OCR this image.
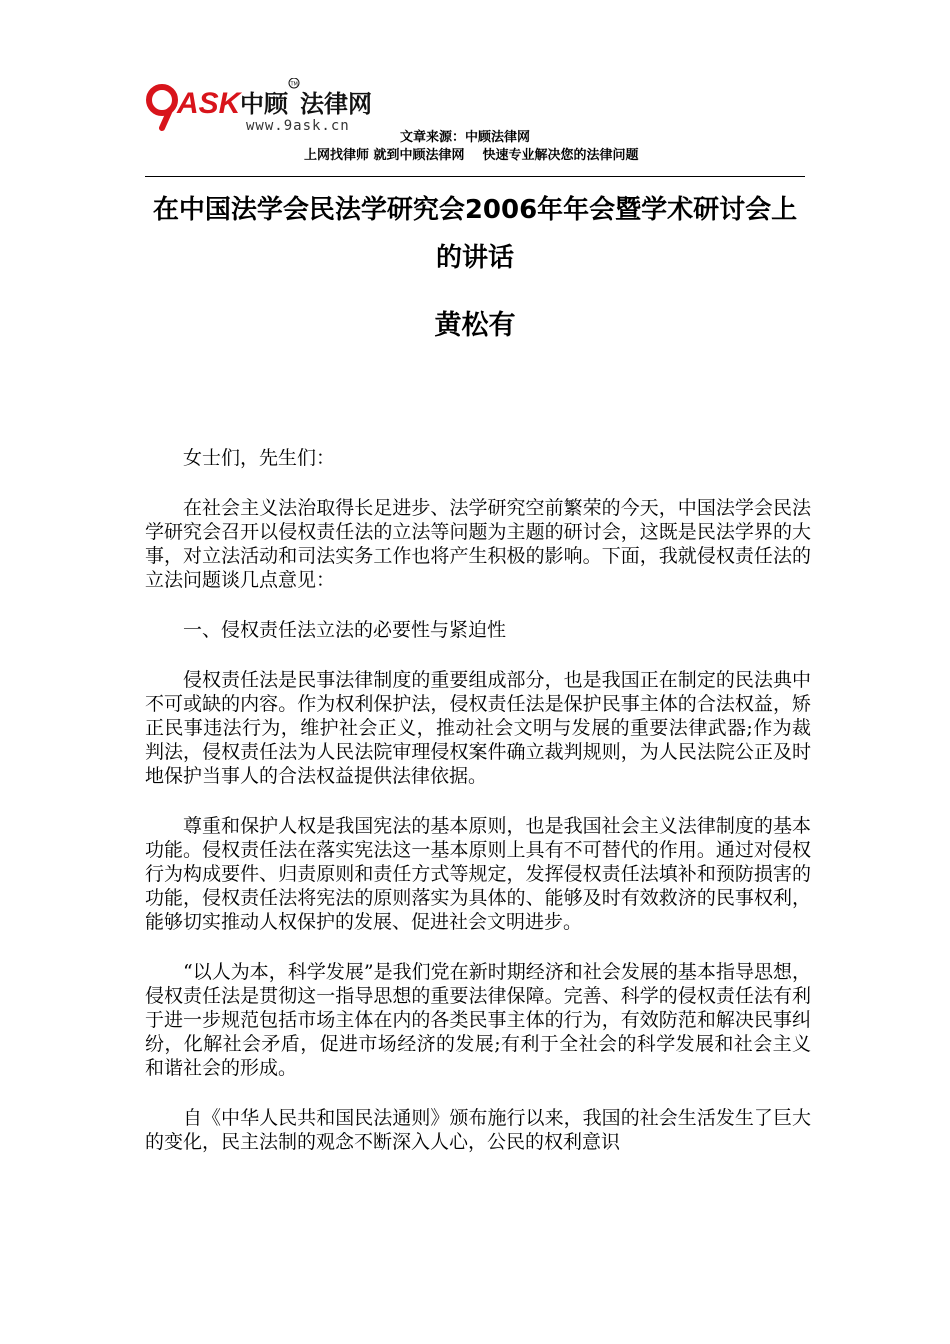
ASK 中顾 法律网
TM
www.9ask.cn
文章来源：中顾法律网
上网找律师 就到中顾法律网 快速专业解决您的法律问题
在中国法学会民法学研究会2006年年会暨学术研讨会上的讲话
黄松有

女士们，先生们：

在社会主义法治取得长足进步、法学研究空前繁荣的今天，中国法学会民法学研究会召开以侵权责任法的立法等问题为主题的研讨会，这既是民法学界的大事，对立法活动和司法实务工作也将产生积极的影响。下面，我就侵权责任法的立法问题谈几点意见：

一、侵权责任法立法的必要性与紧迫性

侵权责任法是民事法律制度的重要组成部分，也是我国正在制定的民法典中不可或缺的内容。作为权利保护法，侵权责任法是保护民事主体的合法权益，矫正民事违法行为，维护社会正义，推动社会文明与发展的重要法律武器;作为裁判法，侵权责任法为人民法院审理侵权案件确立裁判规则，为人民法院公正及时地保护当事人的合法权益提供法律依据。

尊重和保护人权是我国宪法的基本原则，也是我国社会主义法律制度的基本功能。侵权责任法在落实宪法这一基本原则上具有不可替代的作用。通过对侵权行为构成要件、归责原则和责任方式等规定，发挥侵权责任法填补和预防损害的功能，侵权责任法将宪法的原则落实为具体的、能够及时有效救济的民事权利，能够切实推动人权保护的发展、促进社会文明进步。

“以人为本，科学发展”是我们党在新时期经济和社会发展的基本指导思想，侵权责任法是贯彻这一指导思想的重要法律保障。完善、科学的侵权责任法有利于进一步规范包括市场主体在内的各类民事主体的行为，有效防范和解决民事纠纷，化解社会矛盾，促进市场经济的发展;有利于全社会的科学发展和社会主义和谐社会的形成。

自《中华人民共和国民法通则》颁布施行以来，我国的社会生活发生了巨大的变化，民主法制的观念不断深入人心，公民的权利意识
